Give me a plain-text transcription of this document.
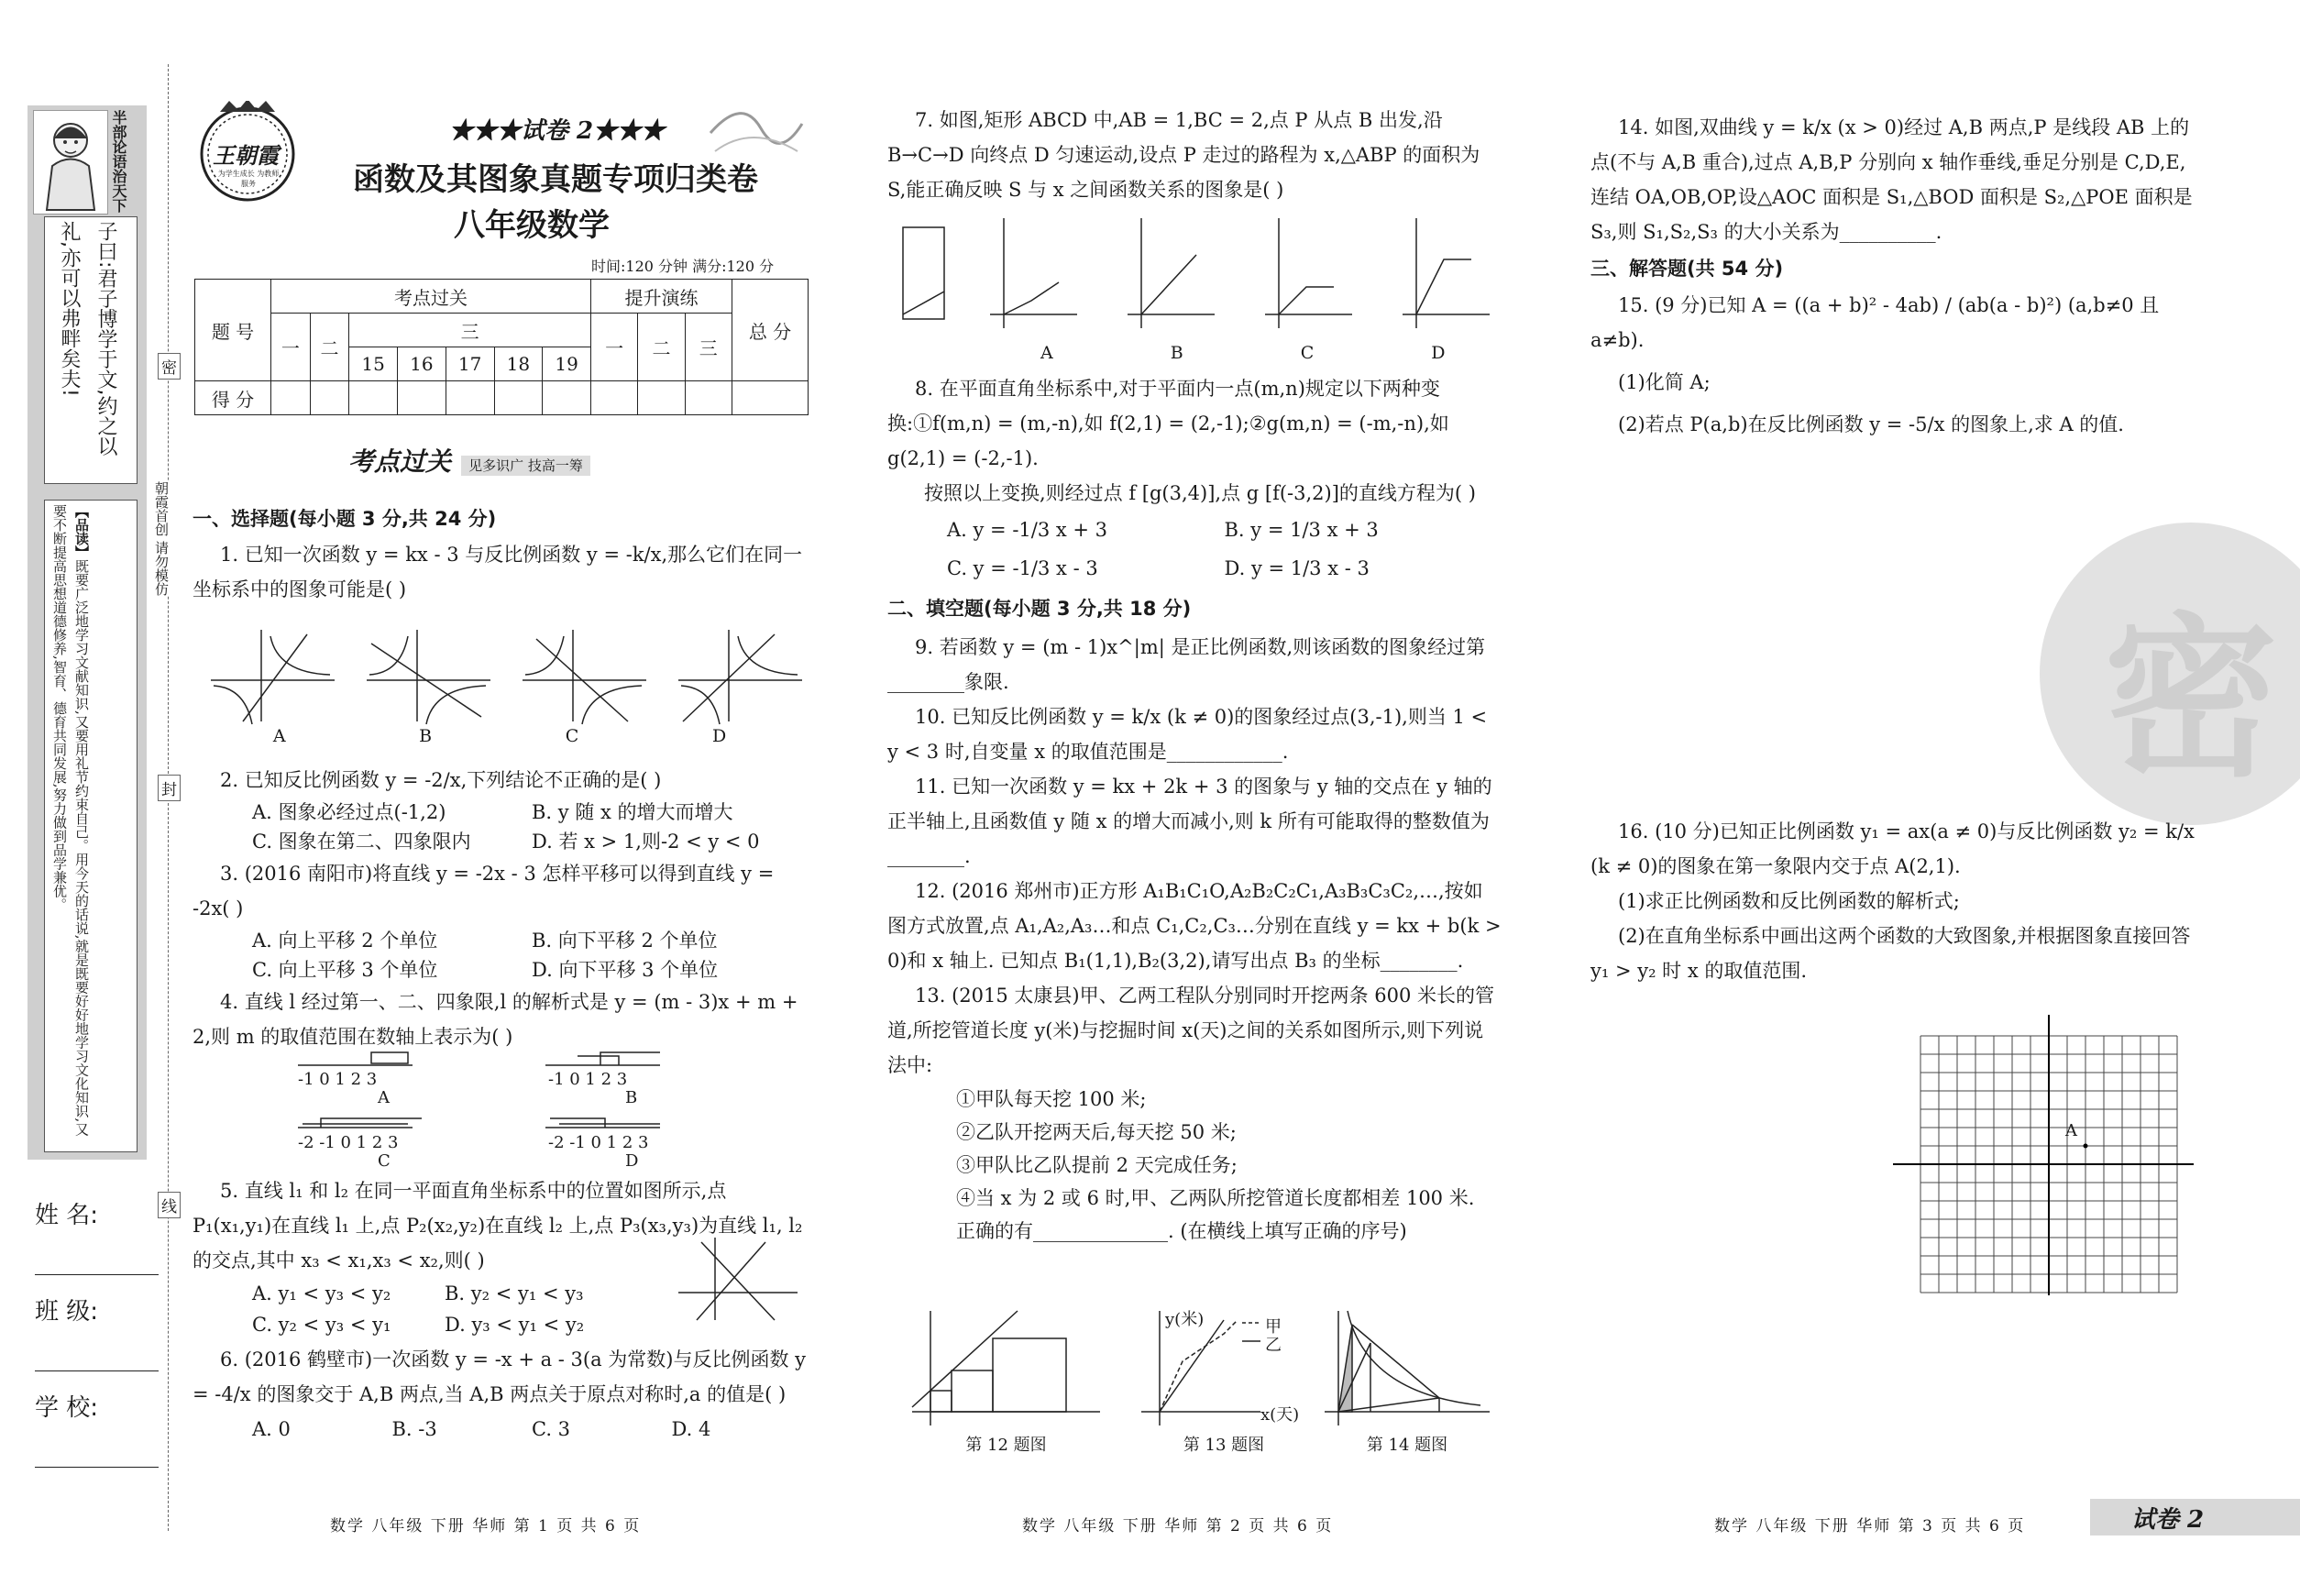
半部论语治天下
子曰:君子博学于文,约之以礼,亦可以弗畔矣夫!
【品读】既要广泛地学习文献知识,又要用礼节约束自己。用今天的话说,就是既要好好地学习文化知识,又要不断提高思想道德修养,智育、德育共同发展,努力做到品学兼优。	朝霞首创 请勿模仿
密
封
线
姓 名:
班 级:
学 校:
王朝霞
为学生成长 为教师服务
★★★试卷 2★★★
函数及其图象真题专项归类卷
八年级数学
时间:120 分钟 满分:120 分
题 号	考点过关							提升演练			总 分
	一	二	三					一	二	三	
			15	16	17	18	19				
得 分											
考点过关 见多识广 技高一筹
一、选择题(每小题 3 分,共 24 分)
1. 已知一次函数 y = kx - 3 与反比例函数 y = -k/x,那么它们在同一坐标系中的图象可能是( )
A	B	C	D
2. 已知反比例函数 y = -2/x,下列结论不正确的是( )
A. 图象必经过点(-1,2)	B. y 随 x 的增大而增大
C. 图象在第二、四象限内	D. 若 x > 1,则-2 < y < 0
3. (2016 南阳市)将直线 y = -2x - 3 怎样平移可以得到直线 y = -2x( )
A. 向上平移 2 个单位	B. 向下平移 2 个单位
C. 向上平移 3 个单位	D. 向下平移 3 个单位
4. 直线 l 经过第一、二、四象限,l 的解析式是 y = (m - 3)x + m + 2,则 m 的取值范围在数轴上表示为( )
-1 0 1 2 3	-1 0 1 2 3
A	B
-2 -1 0 1 2 3	-2 -1 0 1 2 3
C	D
5. 直线 l₁ 和 l₂ 在同一平面直角坐标系中的位置如图所示,点 P₁(x₁,y₁)在直线 l₁ 上,点 P₂(x₂,y₂)在直线 l₂ 上,点 P₃(x₃,y₃)为直线 l₁, l₂ 的交点,其中 x₃ < x₁,x₃ < x₂,则( )
A. y₁ < y₃ < y₂	B. y₂ < y₁ < y₃
C. y₂ < y₃ < y₁	D. y₃ < y₁ < y₂
6. (2016 鹤壁市)一次函数 y = -x + a - 3(a 为常数)与反比例函数 y = -4/x 的图象交于 A,B 两点,当 A,B 两点关于原点对称时,a 的值是( )
A. 0	B. -3	C. 3	D. 4
数学 八年级 下册 华师 第 1 页 共 6 页
7. 如图,矩形 ABCD 中,AB = 1,BC = 2,点 P 从点 B 出发,沿 B→C→D 向终点 D 匀速运动,设点 P 走过的路程为 x,△ABP 的面积为 S,能正确反映 S 与 x 之间函数关系的图象是( )
A	B	C	D
8. 在平面直角坐标系中,对于平面内一点(m,n)规定以下两种变换:①f(m,n) = (m,-n),如 f(2,1) = (2,-1);②g(m,n) = (-m,-n),如 g(2,1) = (-2,-1).
按照以上变换,则经过点 f [g(3,4)],点 g [f(-3,2)]的直线方程为( )
A. y = -1/3 x + 3	B. y = 1/3 x + 3
C. y = -1/3 x - 3	D. y = 1/3 x - 3
二、填空题(每小题 3 分,共 18 分)
9. 若函数 y = (m - 1)x^|m| 是正比例函数,则该函数的图象经过第________象限.
10. 已知反比例函数 y = k/x (k ≠ 0)的图象经过点(3,-1),则当 1 < y < 3 时,自变量 x 的取值范围是____________.
11. 已知一次函数 y = kx + 2k + 3 的图象与 y 轴的交点在 y 轴的正半轴上,且函数值 y 随 x 的增大而减小,则 k 所有可能取得的整数值为________.
12. (2016 郑州市)正方形 A₁B₁C₁O,A₂B₂C₂C₁,A₃B₃C₃C₂,…,按如图方式放置,点 A₁,A₂,A₃…和点 C₁,C₂,C₃…分别在直线 y = kx + b(k > 0)和 x 轴上. 已知点 B₁(1,1),B₂(3,2),请写出点 B₃ 的坐标________.
13. (2015 太康县)甲、乙两工程队分别同时开挖两条 600 米长的管道,所挖管道长度 y(米)与挖掘时间 x(天)之间的关系如图所示,则下列说法中:
①甲队每天挖 100 米;
②乙队开挖两天后,每天挖 50 米;
③甲队比乙队提前 2 天完成任务;
④当 x 为 2 或 6 时,甲、乙两队所挖管道长度都相差 100 米.
正确的有______________. (在横线上填写正确的序号)
第 12 题图
y(米)
x(天)
甲
乙
第 13 题图	第 14 题图
数学 八年级 下册 华师 第 2 页 共 6 页
密
14. 如图,双曲线 y = k/x (x > 0)经过 A,B 两点,P 是线段 AB 上的点(不与 A,B 重合),过点 A,B,P 分别向 x 轴作垂线,垂足分别是 C,D,E,连结 OA,OB,OP,设△AOC 面积是 S₁,△BOD 面积是 S₂,△POE 面积是 S₃,则 S₁,S₂,S₃ 的大小关系为__________.
三、解答题(共 54 分)
15. (9 分)已知 A = ((a + b)² - 4ab) / (ab(a - b)²) (a,b≠0 且 a≠b).
(1)化简 A;
(2)若点 P(a,b)在反比例函数 y = -5/x 的图象上,求 A 的值.
16. (10 分)已知正比例函数 y₁ = ax(a ≠ 0)与反比例函数 y₂ = k/x (k ≠ 0)的图象在第一象限内交于点 A(2,1).
(1)求正比例函数和反比例函数的解析式;
(2)在直角坐标系中画出这两个函数的大致图象,并根据图象直接回答 y₁ > y₂ 时 x 的取值范围.
A
数学 八年级 下册 华师 第 3 页 共 6 页	试卷 2
